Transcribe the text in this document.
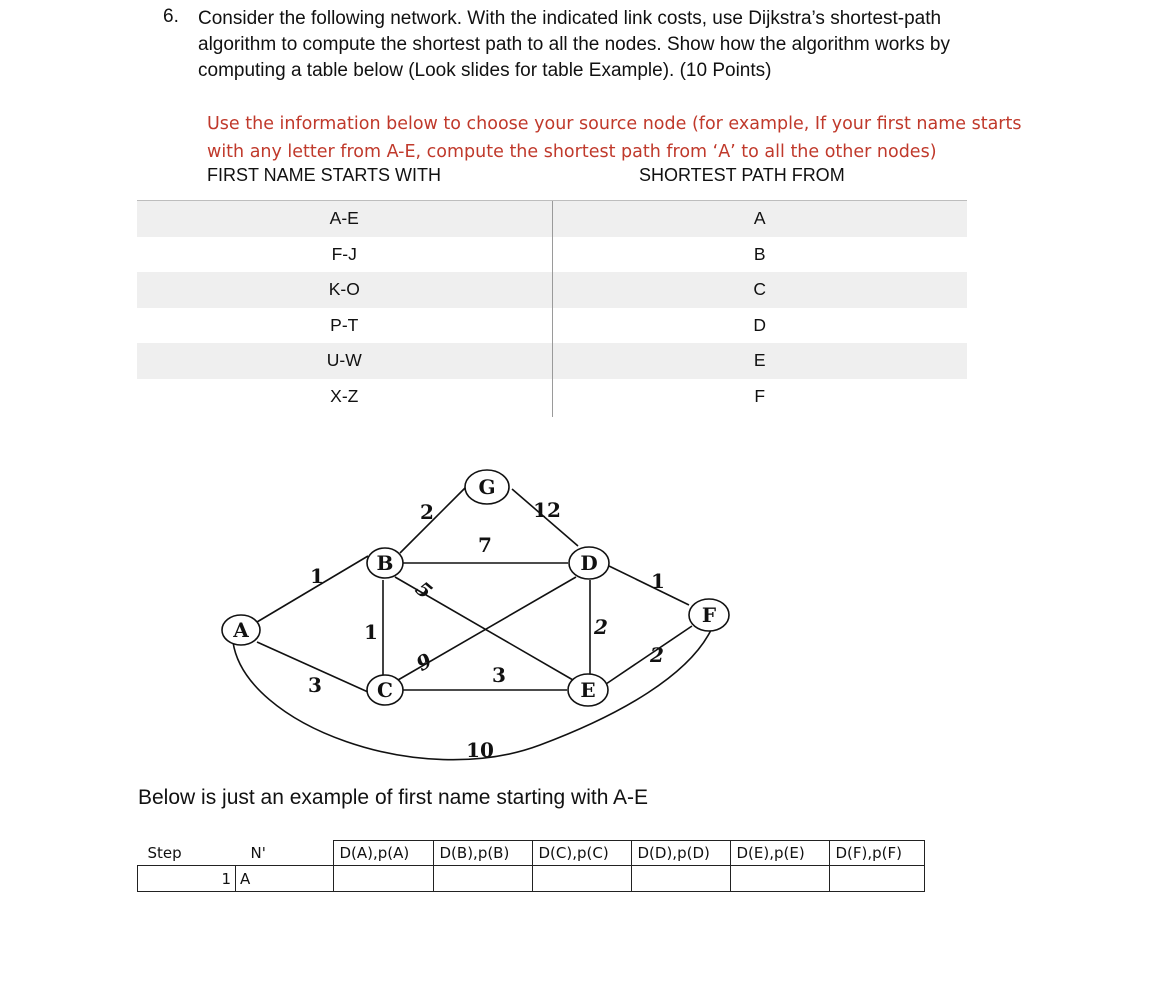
6. Consider the following network. With the indicated link costs, use Dijkstra’s shortest-path
algorithm to compute the shortest path to all the nodes. Show how the algorithm works by
computing a table below (Look slides for table Example). (10 Points)
Use the information below to choose your source node (for example, If your first name starts
with any letter from A-E, compute the shortest path from ‘A’ to all the other nodes)
FIRST NAME STARTS WITH	SHORTEST PATH FROM
A-E	A
F-J	B
K-O	C
P-T	D
U-W	E
X-Z	F
A
B
C
D
E
F
G
1
3
10
2
1
7
5
12
9	3
2
1
2
Below is just an example of first name starting with A-E
Step	N'	D(A),p(A)	D(B),p(B)	D(C),p(C)	D(D),p(D)	D(E),p(E)	D(F),p(F)
1	A						
